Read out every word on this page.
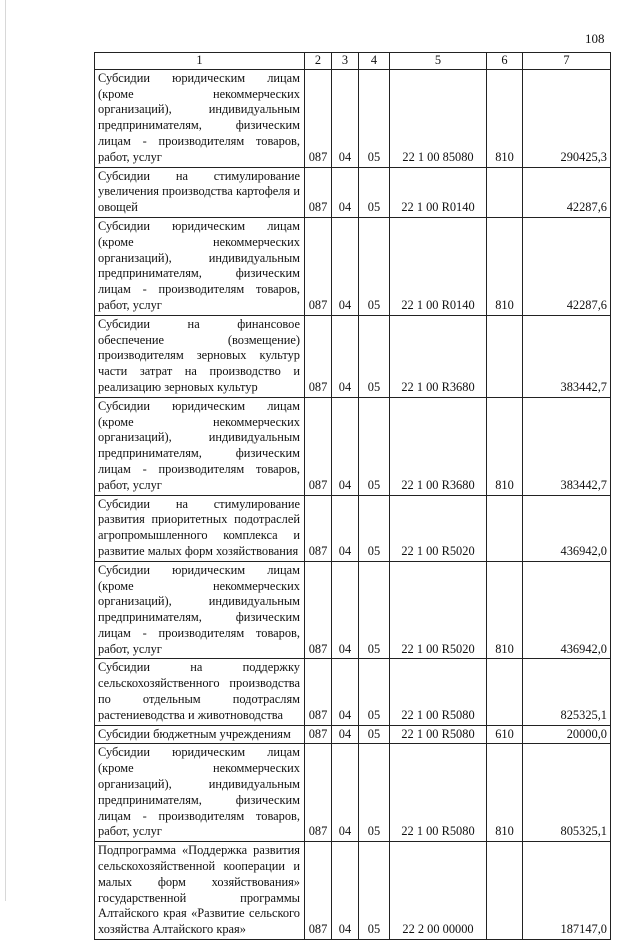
108
1	2	3	4	5	6	7
Субсидии юридическим лицам (кроме некоммерческих организаций), индивидуальным предпринимателям, физическим лицам - производителям товаров, работ, услуг	087	04	05	22 1 00 85080	810	290425,3
Субсидии на стимулирование увеличения производства картофеля и овощей	087	04	05	22 1 00 R0140		42287,6
Субсидии юридическим лицам (кроме некоммерческих организаций), индивидуальным предпринимателям, физическим лицам - производителям товаров, работ, услуг	087	04	05	22 1 00 R0140	810	42287,6
Субсидии на финансовое обеспечение (возмещение) производителям зерновых культур части затрат на производство и реализацию зерновых культур	087	04	05	22 1 00 R3680		383442,7
Субсидии юридическим лицам (кроме некоммерческих организаций), индивидуальным предпринимателям, физическим лицам - производителям товаров, работ, услуг	087	04	05	22 1 00 R3680	810	383442,7
Субсидии на стимулирование развития приоритетных подотраслей агропромышленного комплекса и развитие малых форм хозяйствования	087	04	05	22 1 00 R5020		436942,0
Субсидии юридическим лицам (кроме некоммерческих организаций), индивидуальным предпринимателям, физическим лицам - производителям товаров, работ, услуг	087	04	05	22 1 00 R5020	810	436942,0
Субсидии на поддержку сельскохозяйственного производства по отдельным подотраслям растениеводства и животноводства	087	04	05	22 1 00 R5080		825325,1
Субсидии бюджетным учреждениям	087	04	05	22 1 00 R5080	610	20000,0
Субсидии юридическим лицам (кроме некоммерческих организаций), индивидуальным предпринимателям, физическим лицам - производителям товаров, работ, услуг	087	04	05	22 1 00 R5080	810	805325,1
Подпрограмма «Поддержка развития сельскохозяйственной кооперации и малых форм хозяйствования» государственной программы Алтайского края «Развитие сельского хозяйства Алтайского края»	087	04	05	22 2 00 00000		187147,0
